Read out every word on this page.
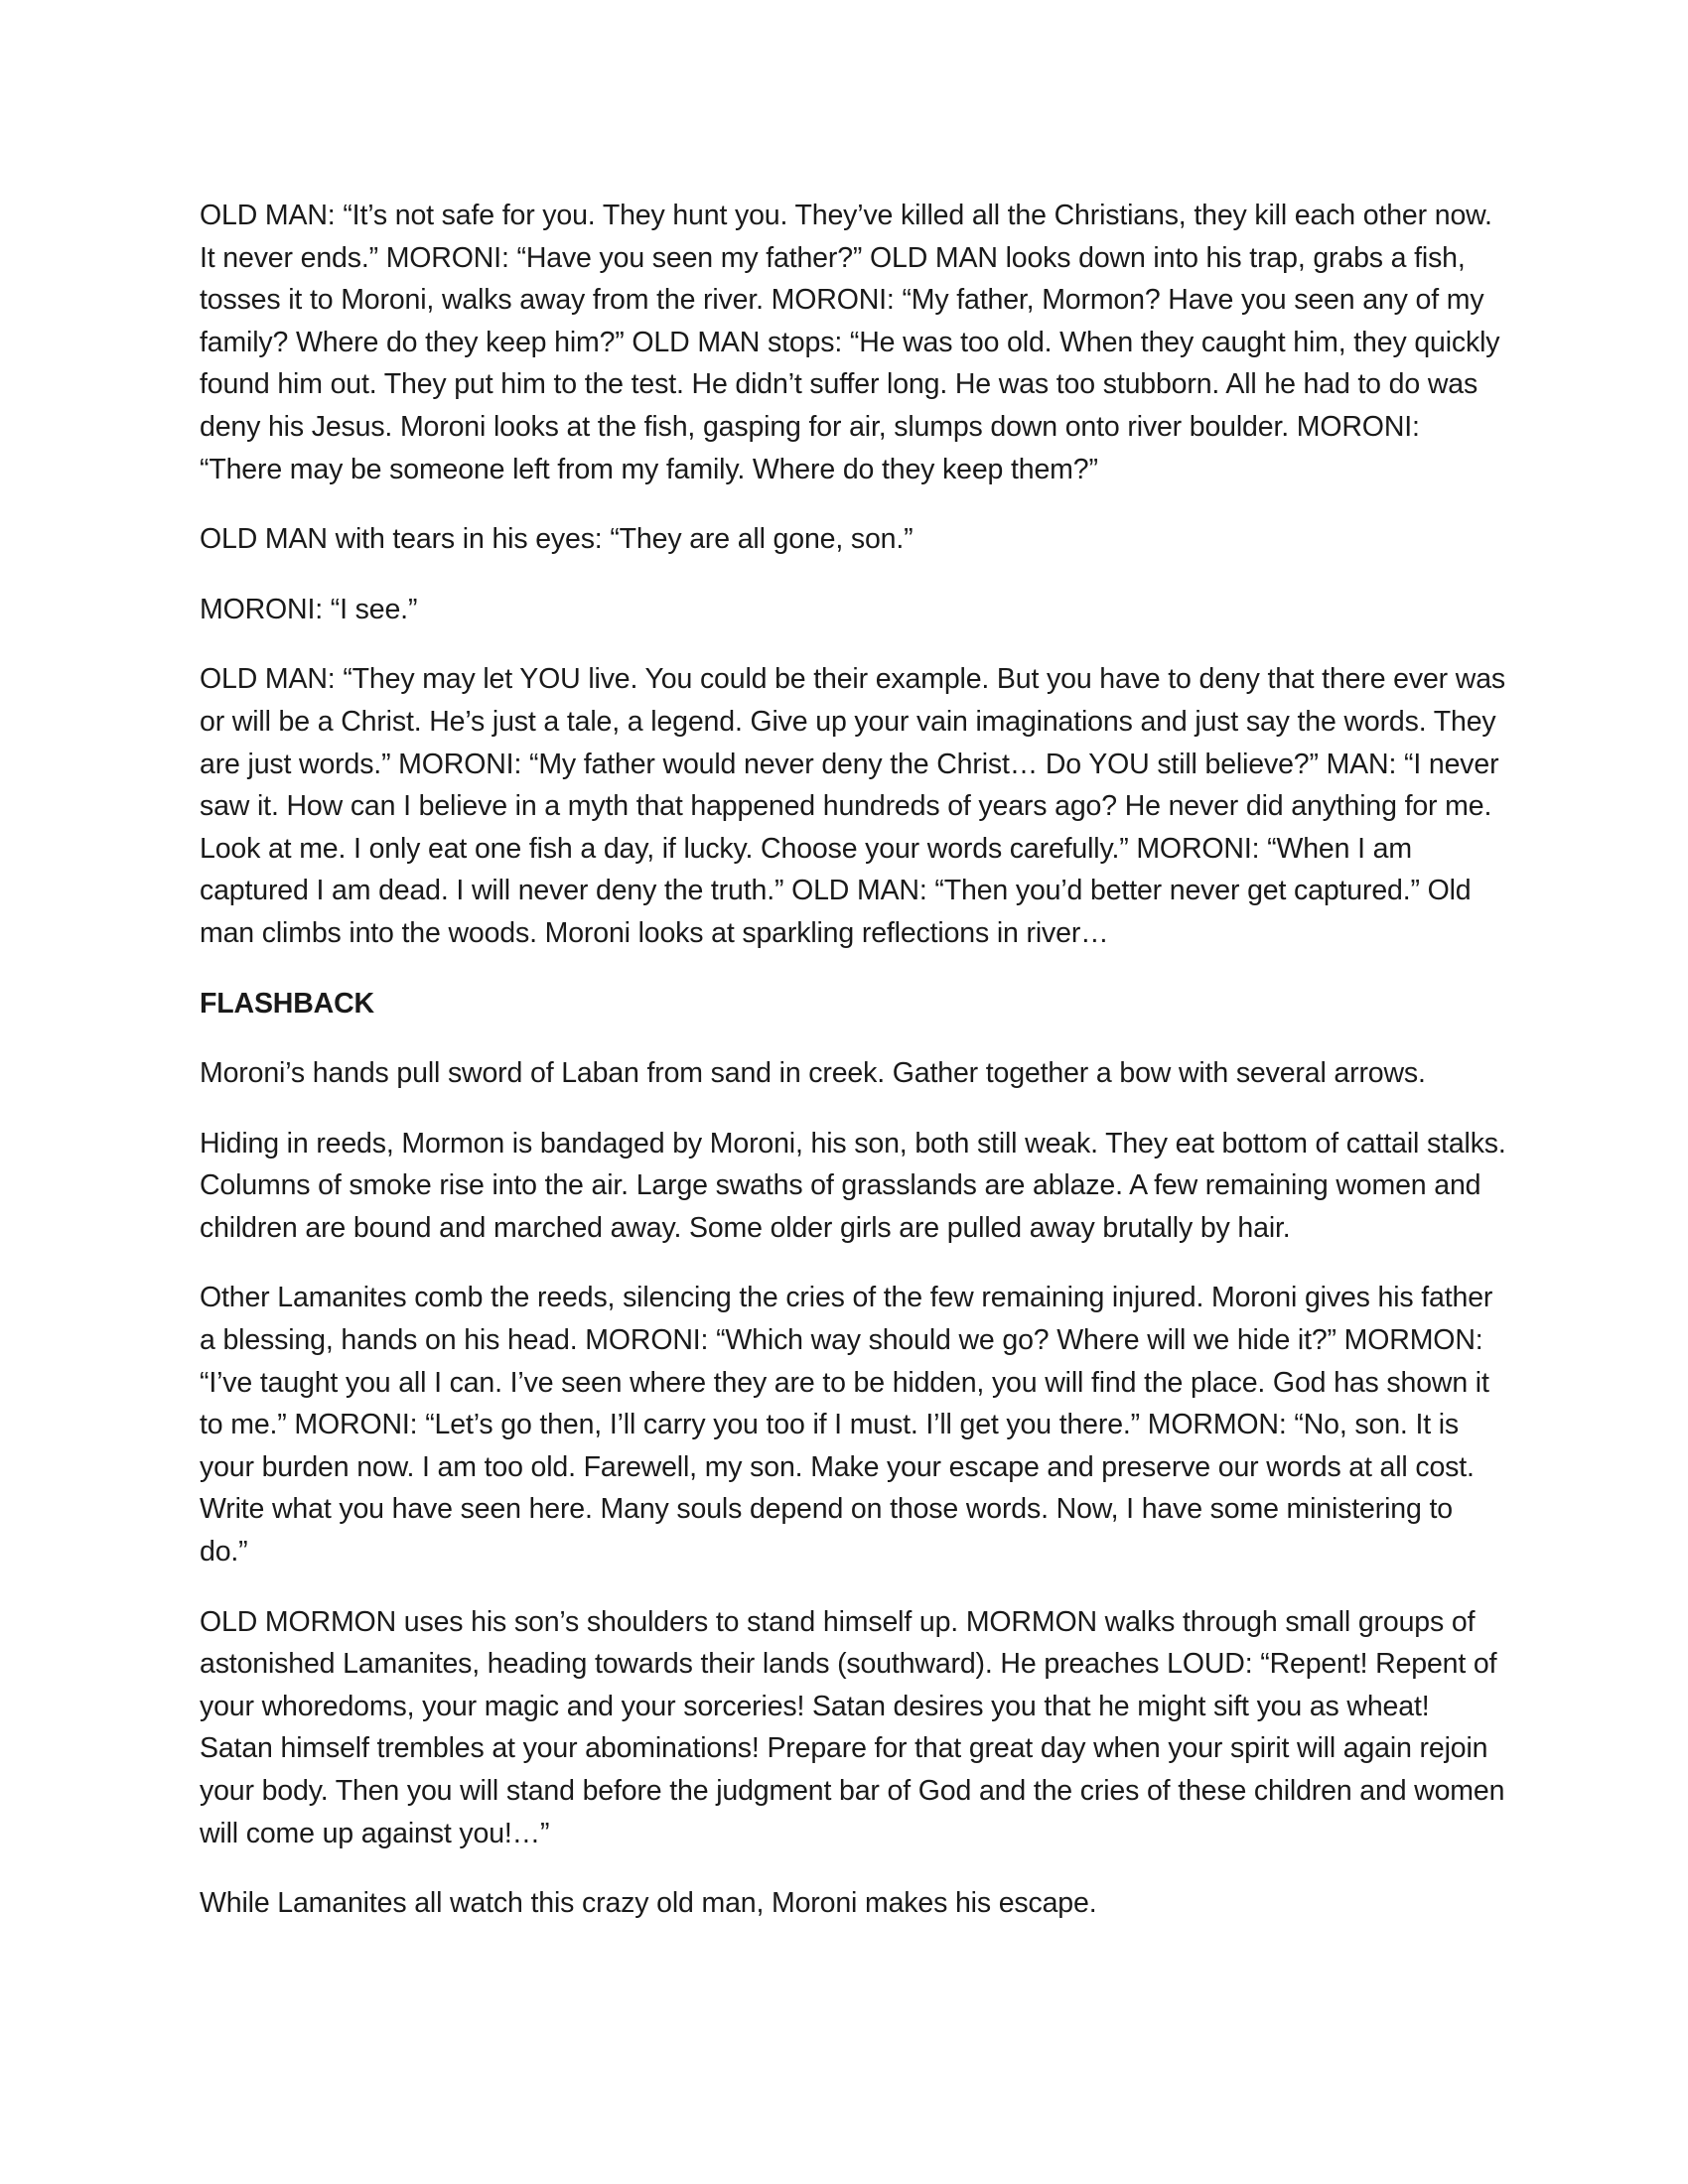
OLD MAN: “It’s not safe for you. They hunt you. They’ve killed all the Christians, they kill each other now. It never ends.” MORONI: “Have you seen my father?” OLD MAN looks down into his trap, grabs a fish, tosses it to Moroni, walks away from the river. MORONI: “My father, Mormon? Have you seen any of my family? Where do they keep him?” OLD MAN stops: “He was too old. When they caught him, they quickly found him out. They put him to the test. He didn’t suffer long. He was too stubborn. All he had to do was deny his Jesus. Moroni looks at the fish, gasping for air, slumps down onto river boulder. MORONI: “There may be someone left from my family. Where do they keep them?”

OLD MAN with tears in his eyes: “They are all gone, son.”

MORONI: “I see.”

OLD MAN: “They may let YOU live. You could be their example. But you have to deny that there ever was or will be a Christ. He’s just a tale, a legend. Give up your vain imaginations and just say the words. They are just words.” MORONI: “My father would never deny the Christ… Do YOU still believe?” MAN: “I never saw it. How can I believe in a myth that happened hundreds of years ago? He never did anything for me. Look at me. I only eat one fish a day, if lucky. Choose your words carefully.” MORONI: “When I am captured I am dead. I will never deny the truth.” OLD MAN: “Then you’d better never get captured.” Old man climbs into the woods. Moroni looks at sparkling reflections in river…

FLASHBACK

Moroni’s hands pull sword of Laban from sand in creek. Gather together a bow with several arrows.

Hiding in reeds, Mormon is bandaged by Moroni, his son, both still weak. They eat bottom of cattail stalks. Columns of smoke rise into the air. Large swaths of grasslands are ablaze. A few remaining women and children are bound and marched away. Some older girls are pulled away brutally by hair.

Other Lamanites comb the reeds, silencing the cries of the few remaining injured. Moroni gives his father a blessing, hands on his head. MORONI: “Which way should we go? Where will we hide it?” MORMON: “I’ve taught you all I can. I’ve seen where they are to be hidden, you will find the place. God has shown it to me.” MORONI: “Let’s go then, I’ll carry you too if I must. I’ll get you there.” MORMON: “No, son. It is your burden now. I am too old. Farewell, my son. Make your escape and preserve our words at all cost. Write what you have seen here. Many souls depend on those words. Now, I have some ministering to do.”

OLD MORMON uses his son’s shoulders to stand himself up. MORMON walks through small groups of astonished Lamanites, heading towards their lands (southward). He preaches LOUD: “Repent! Repent of your whoredoms, your magic and your sorceries! Satan desires you that he might sift you as wheat! Satan himself trembles at your abominations! Prepare for that great day when your spirit will again rejoin your body. Then you will stand before the judgment bar of God and the cries of these children and women will come up against you!…”

While Lamanites all watch this crazy old man, Moroni makes his escape.
